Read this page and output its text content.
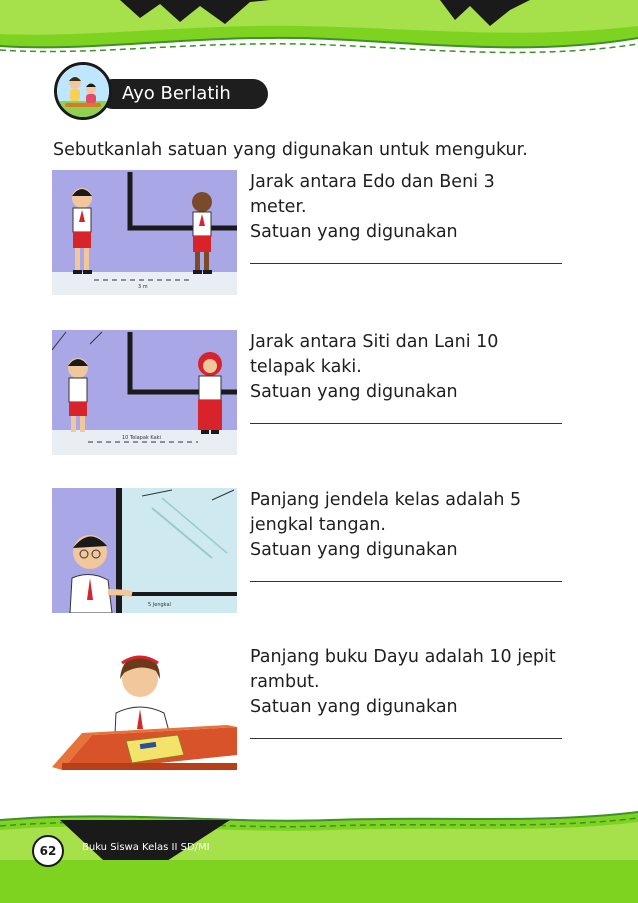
Ayo Berlatih
Sebutkanlah satuan yang digunakan untuk mengukur.
3 m
Jarak antara Edo dan Beni 3
meter.
Satuan yang digunakan
10 Telapak Kaki
Jarak antara Siti dan Lani 10
telapak kaki.
Satuan yang digunakan
5 Jengkal
Panjang jendela kelas adalah 5
jengkal tangan.
Satuan yang digunakan
Panjang buku Dayu adalah 10 jepit
rambut.
Satuan yang digunakan
62	Buku Siswa Kelas II SD/MI
